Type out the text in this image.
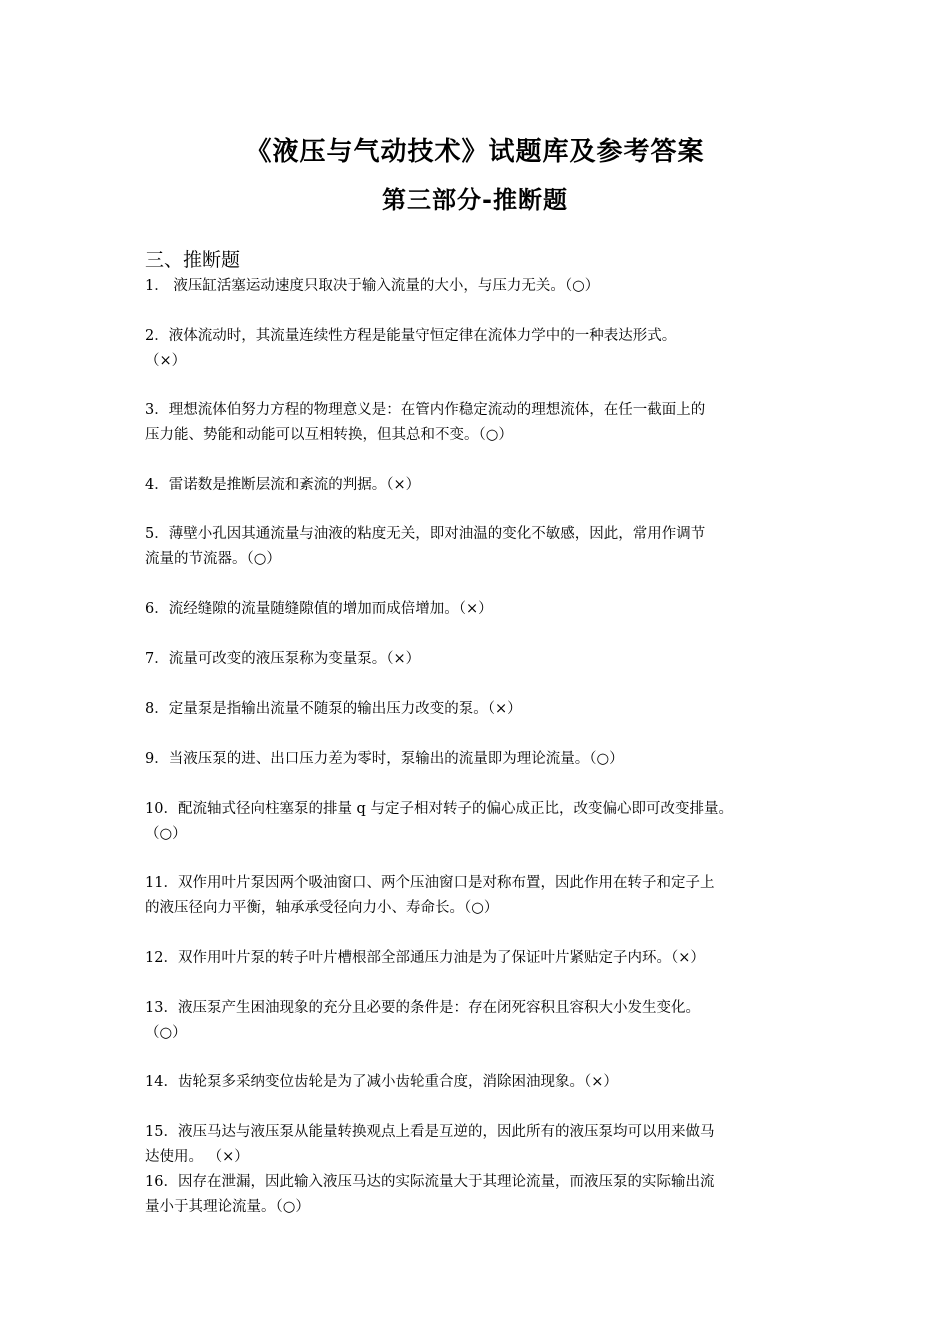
《液压与气动技术》试题库及参考答案
第三部分-推断题
三、推断题
1． 液压缸活塞运动速度只取决于输入流量的大小，与压力无关。（○）
2．液体流动时，其流量连续性方程是能量守恒定律在流体力学中的一种表达形式。
（×）
3．理想流体伯努力方程的物理意义是：在管内作稳定流动的理想流体，在任一截面上的
压力能、势能和动能可以互相转换，但其总和不变。（○）
4．雷诺数是推断层流和紊流的判据。（×）
5．薄壁小孔因其通流量与油液的粘度无关，即对油温的变化不敏感，因此，常用作调节
流量的节流器。（○）
6．流经缝隙的流量随缝隙值的增加而成倍增加。（×）
7．流量可改变的液压泵称为变量泵。（×）
8．定量泵是指输出流量不随泵的输出压力改变的泵。（×）
9．当液压泵的进、出口压力差为零时，泵输出的流量即为理论流量。（○）
10．配流轴式径向柱塞泵的排量 q 与定子相对转子的偏心成正比，改变偏心即可改变排量。
（○）
11．双作用叶片泵因两个吸油窗口、两个压油窗口是对称布置，因此作用在转子和定子上
的液压径向力平衡，轴承承受径向力小、寿命长。（○）
12．双作用叶片泵的转子叶片槽根部全部通压力油是为了保证叶片紧贴定子内环。（×）
13．液压泵产生困油现象的充分且必要的条件是：存在闭死容积且容积大小发生变化。
（○）
14．齿轮泵多采纳变位齿轮是为了减小齿轮重合度，消除困油现象。（×）
15．液压马达与液压泵从能量转换观点上看是互逆的，因此所有的液压泵均可以用来做马
达使用。 （×）
16．因存在泄漏，因此输入液压马达的实际流量大于其理论流量，而液压泵的实际输出流
量小于其理论流量。（○）
